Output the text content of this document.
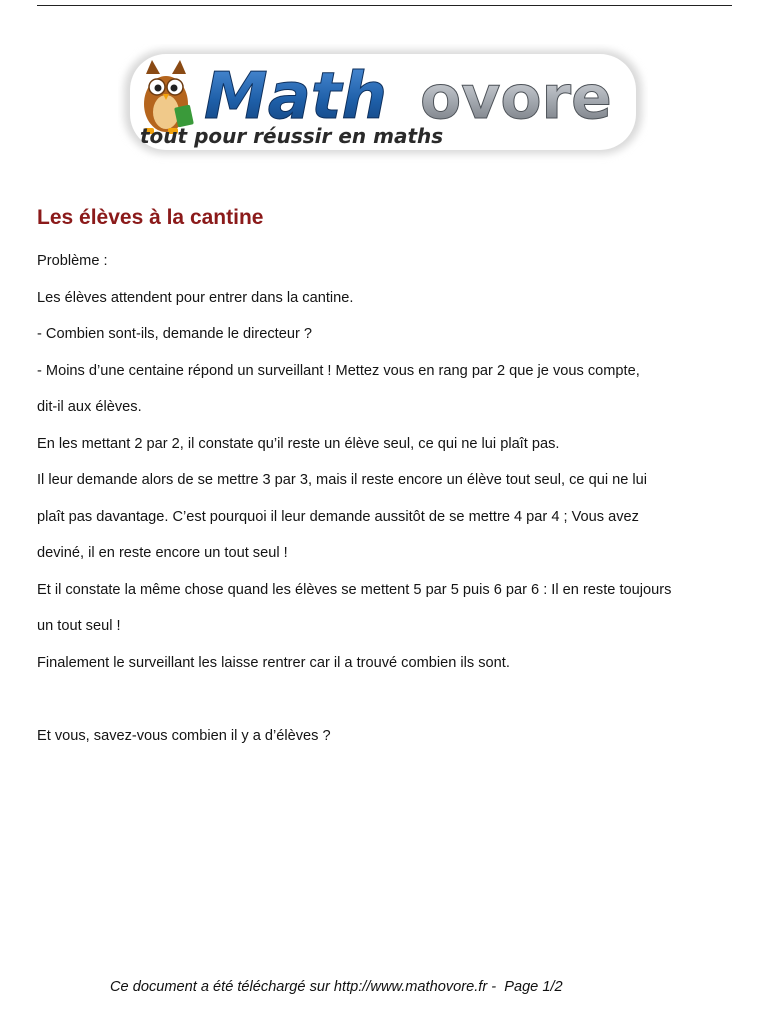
Math ovore
tout pour réussir en maths
Les élèves à la cantine
Problème :
Les élèves attendent pour entrer dans la cantine.
- Combien sont-ils, demande le directeur ?
- Moins d’une centaine répond un surveillant ! Mettez vous en rang par 2 que je vous compte,
dit-il aux élèves.
En les mettant 2 par 2, il constate qu’il reste un élève seul, ce qui ne lui plaît pas.
Il leur demande alors de se mettre 3 par 3, mais il reste encore un élève tout seul, ce qui ne lui
plaît pas davantage. C’est pourquoi il leur demande aussitôt de se mettre 4 par 4 ; Vous avez
deviné, il en reste encore un tout seul !
Et il constate la même chose quand les élèves se mettent 5 par 5 puis 6 par 6 : Il en reste toujours
un tout seul !
Finalement le surveillant les laisse rentrer car il a trouvé combien ils sont.
Et vous, savez-vous combien il y a d’élèves ?
Ce document a été téléchargé sur http://www.mathovore.fr -  Page 1/2
